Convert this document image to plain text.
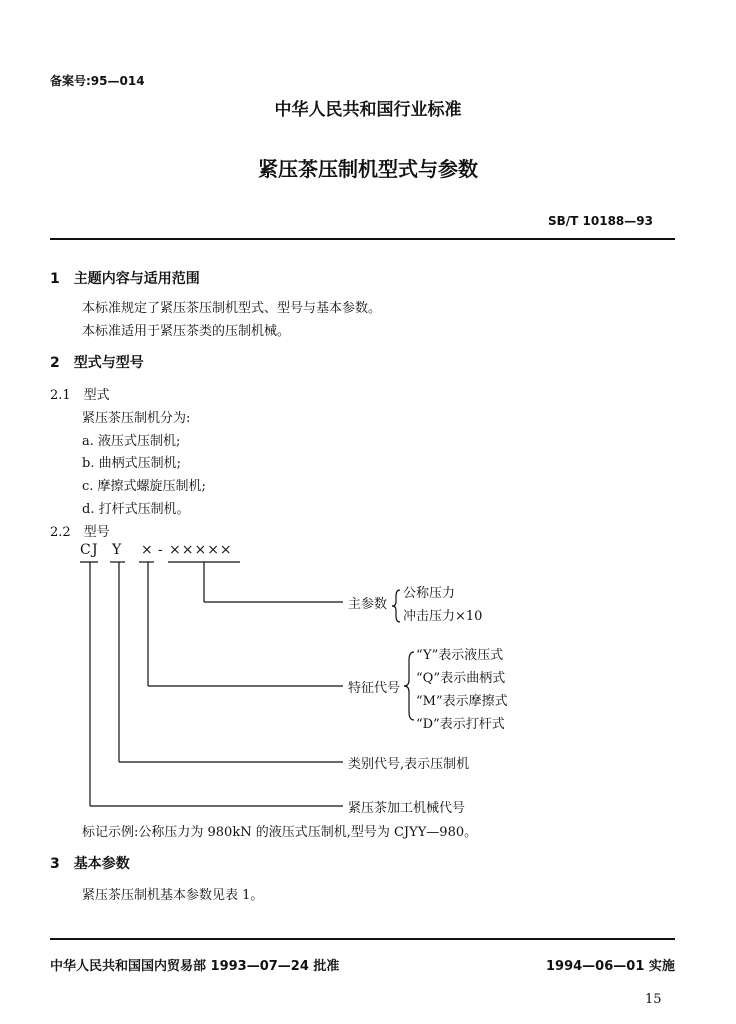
备案号:95—014
中华人民共和国行业标准
紧压茶压制机型式与参数
SB/T 10188—93
1　主题内容与适用范围
本标准规定了紧压茶压制机型式、型号与基本参数。
本标准适用于紧压茶类的压制机械。
2　型式与型号
2.1　型式
紧压茶压制机分为:
a. 液压式压制机;
b. 曲柄式压制机;
c. 摩擦式螺旋压制机;
d. 打杆式压制机。
2.2　型号
C J Y × - ×××××
主参数
公称压力
冲击压力×10
特征代号
“Y”表示液压式
“Q”表示曲柄式
“M”表示摩擦式
“D”表示打杆式
类别代号,表示压制机
紧压茶加工机械代号
标记示例:公称压力为 980kN 的液压式压制机,型号为 CJYY—980。
3　基本参数
紧压茶压制机基本参数见表 1。
中华人民共和国国内贸易部 1993—07—24 批准	1994—06—01 实施
15
